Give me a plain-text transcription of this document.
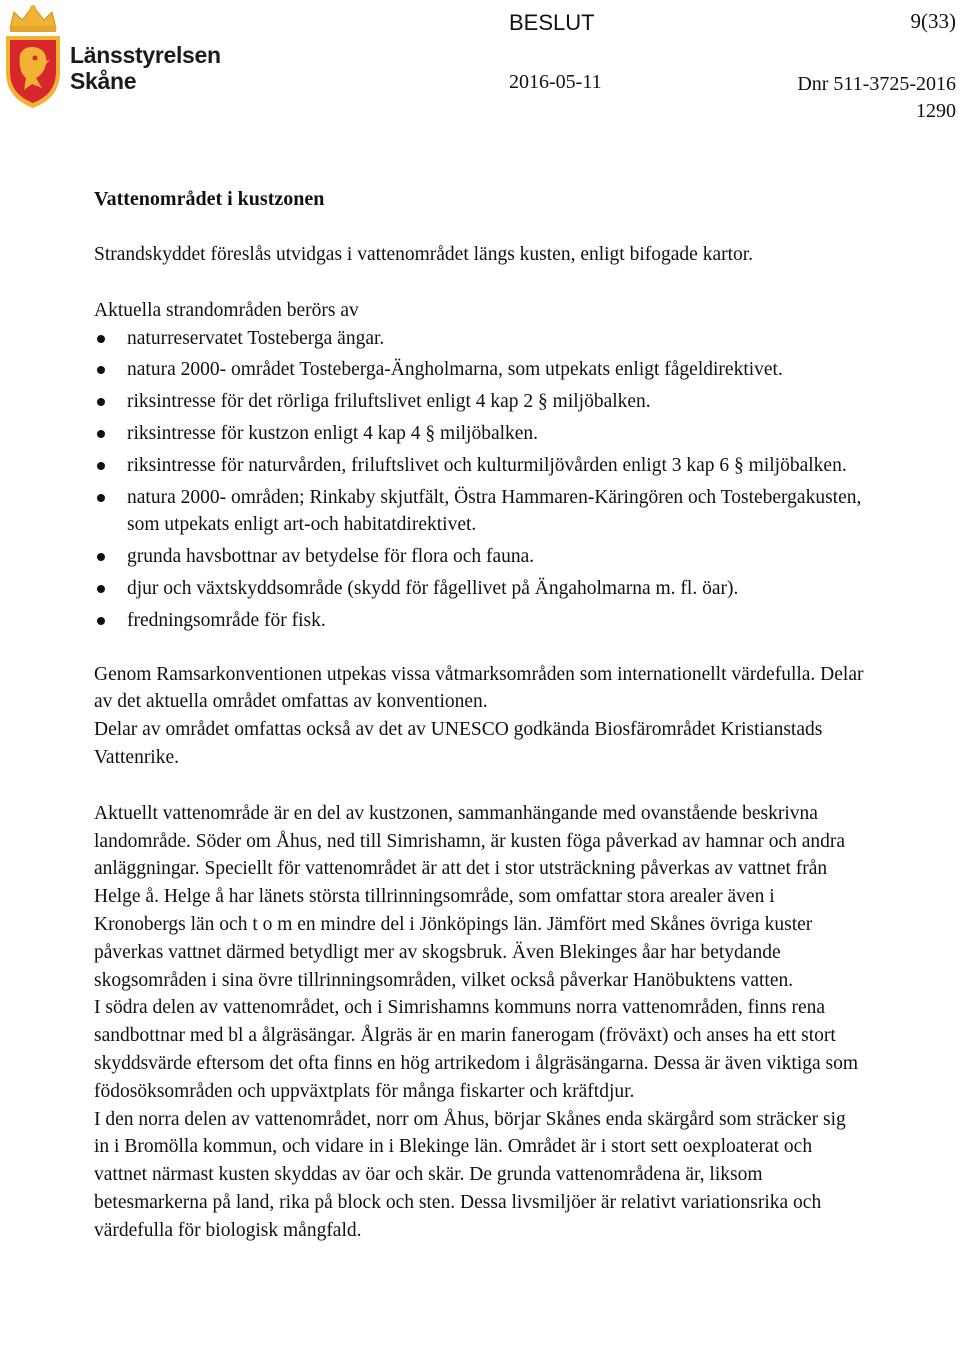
Länsstyrelsen
Skåne
BESLUT	9(33)
2016-05-11	Dnr 511-3725-2016
1290
Vattenområdet i kustzonen

Strandskyddet föreslås utvidgas i vattenområdet längs kusten, enligt bifogade kartor.

Aktuella strandområden berörs av

naturreservatet Tosteberga ängar.
natura 2000- området Tosteberga-Ängholmarna, som utpekats enligt fågeldirektivet.
riksintresse för det rörliga friluftslivet enligt 4 kap 2 § miljöbalken.
riksintresse för kustzon enligt 4 kap 4 § miljöbalken.
riksintresse för naturvården, friluftslivet och kulturmiljövården enligt 3 kap 6 § miljöbalken.
natura 2000- områden; Rinkaby skjutfält, Östra Hammaren-Käringören och Tostebergakusten, som utpekats enligt art-och habitatdirektivet.
grunda havsbottnar av betydelse för flora och fauna.
djur och växtskyddsområde (skydd för fågellivet på Ängaholmarna m. fl. öar).
fredningsområde för fisk.

Genom Ramsarkonventionen utpekas vissa våtmarksområden som internationellt värdefulla. Delar av det aktuella området omfattas av konventionen.

Delar av området omfattas också av det av UNESCO godkända Biosfärområdet Kristianstads Vattenrike.

Aktuellt vattenområde är en del av kustzonen, sammanhängande med ovanstående beskrivna landområde. Söder om Åhus, ned till Simrishamn, är kusten föga påverkad av hamnar och andra anläggningar. Speciellt för vattenområdet är att det i stor utsträckning påverkas av vattnet från Helge å. Helge å har länets största tillrinningsområde, som omfattar stora arealer även i Kronobergs län och t o m en mindre del i Jönköpings län. Jämfört med Skånes övriga kuster påverkas vattnet därmed betydligt mer av skogsbruk. Även Blekinges åar har betydande skogsområden i sina övre tillrinningsområden, vilket också påverkar Hanöbuktens vatten.

I södra delen av vattenområdet, och i Simrishamns kommuns norra vattenområden, finns rena sandbottnar med bl a ålgräsängar. Ålgräs är en marin fanerogam (fröväxt) och anses ha ett stort skyddsvärde eftersom det ofta finns en hög artrikedom i ålgräsängarna. Dessa är även viktiga som födosöksområden och uppväxtplats för många fiskarter och kräftdjur.

I den norra delen av vattenområdet, norr om Åhus, börjar Skånes enda skärgård som sträcker sig in i Bromölla kommun, och vidare in i Blekinge län. Området är i stort sett oexploaterat och vattnet närmast kusten skyddas av öar och skär. De grunda vattenområdena är, liksom betesmarkerna på land, rika på block och sten. Dessa livsmiljöer är relativt variationsrika och värdefulla för biologisk mångfald.
